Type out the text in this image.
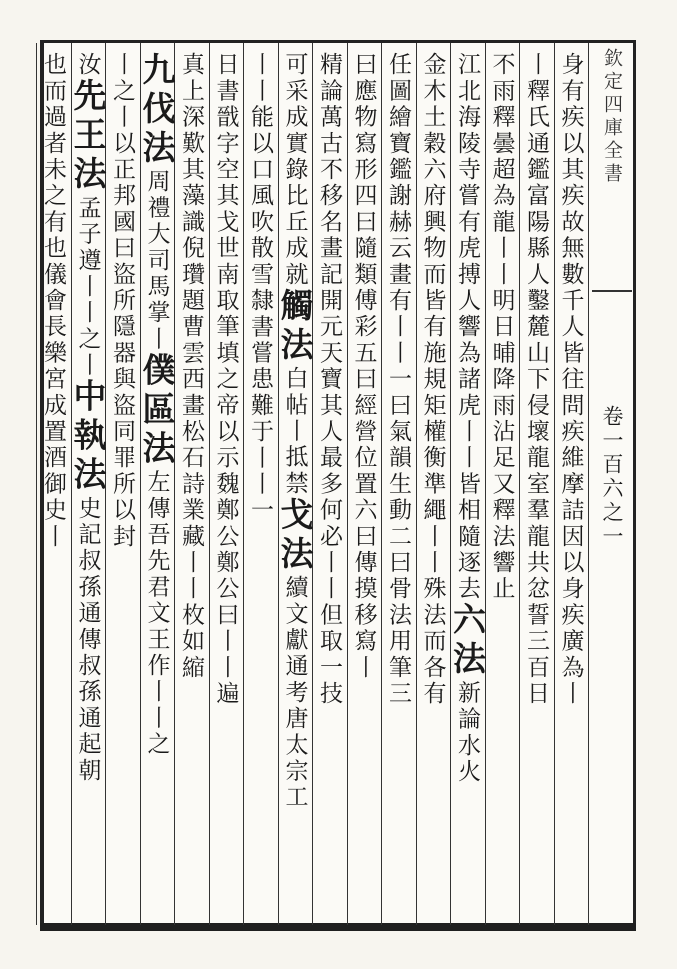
欽定四庫全書
卷一百六之一
身有疾以其疾故無數千人皆往問疾維摩詰因以身疾廣為丨
丨釋氏通鑑富陽縣人鑿麓山下侵壞龍室羣龍共忿誓三百日
不雨釋曇超為龍丨丨明日晡降雨沾足又釋法響止
江北海陵寺嘗有虎搏人響為諸虎丨丨皆相隨逐去六法新論水火
金木土穀六府興物而皆有施規矩權衡準繩丨丨殊法而各有
任圖繪寶鑑謝赫云畫有丨丨一曰氣韻生動二曰骨法用筆三
曰應物寫形四曰隨類傅彩五曰經營位置六曰傳摸移寫丨
精論萬古不移名畫記開元天寶其人最多何必丨丨但取一技
可采成實錄比丘成就觸法白帖丨抵禁戈法續文獻通考唐太宗工
丨丨能以口風吹散雪隸書嘗患難于丨丨一
日書戩字空其戈世南取筆填之帝以示魏鄭公鄭公曰丨丨遍
真上深歎其藻識倪瓚題曹雲西畫松石詩業藏丨丨枚如縮
九伐法周禮大司馬掌丨僕區法左傳吾先君文王作丨丨之
丨之丨以正邦國曰盜所隱器與盜同罪所以封
汝先王法孟子遵丨丨之丨中執法史記叔孫通傳叔孫通起朝
也而過者未之有也儀會長樂宮成置酒御史丨
